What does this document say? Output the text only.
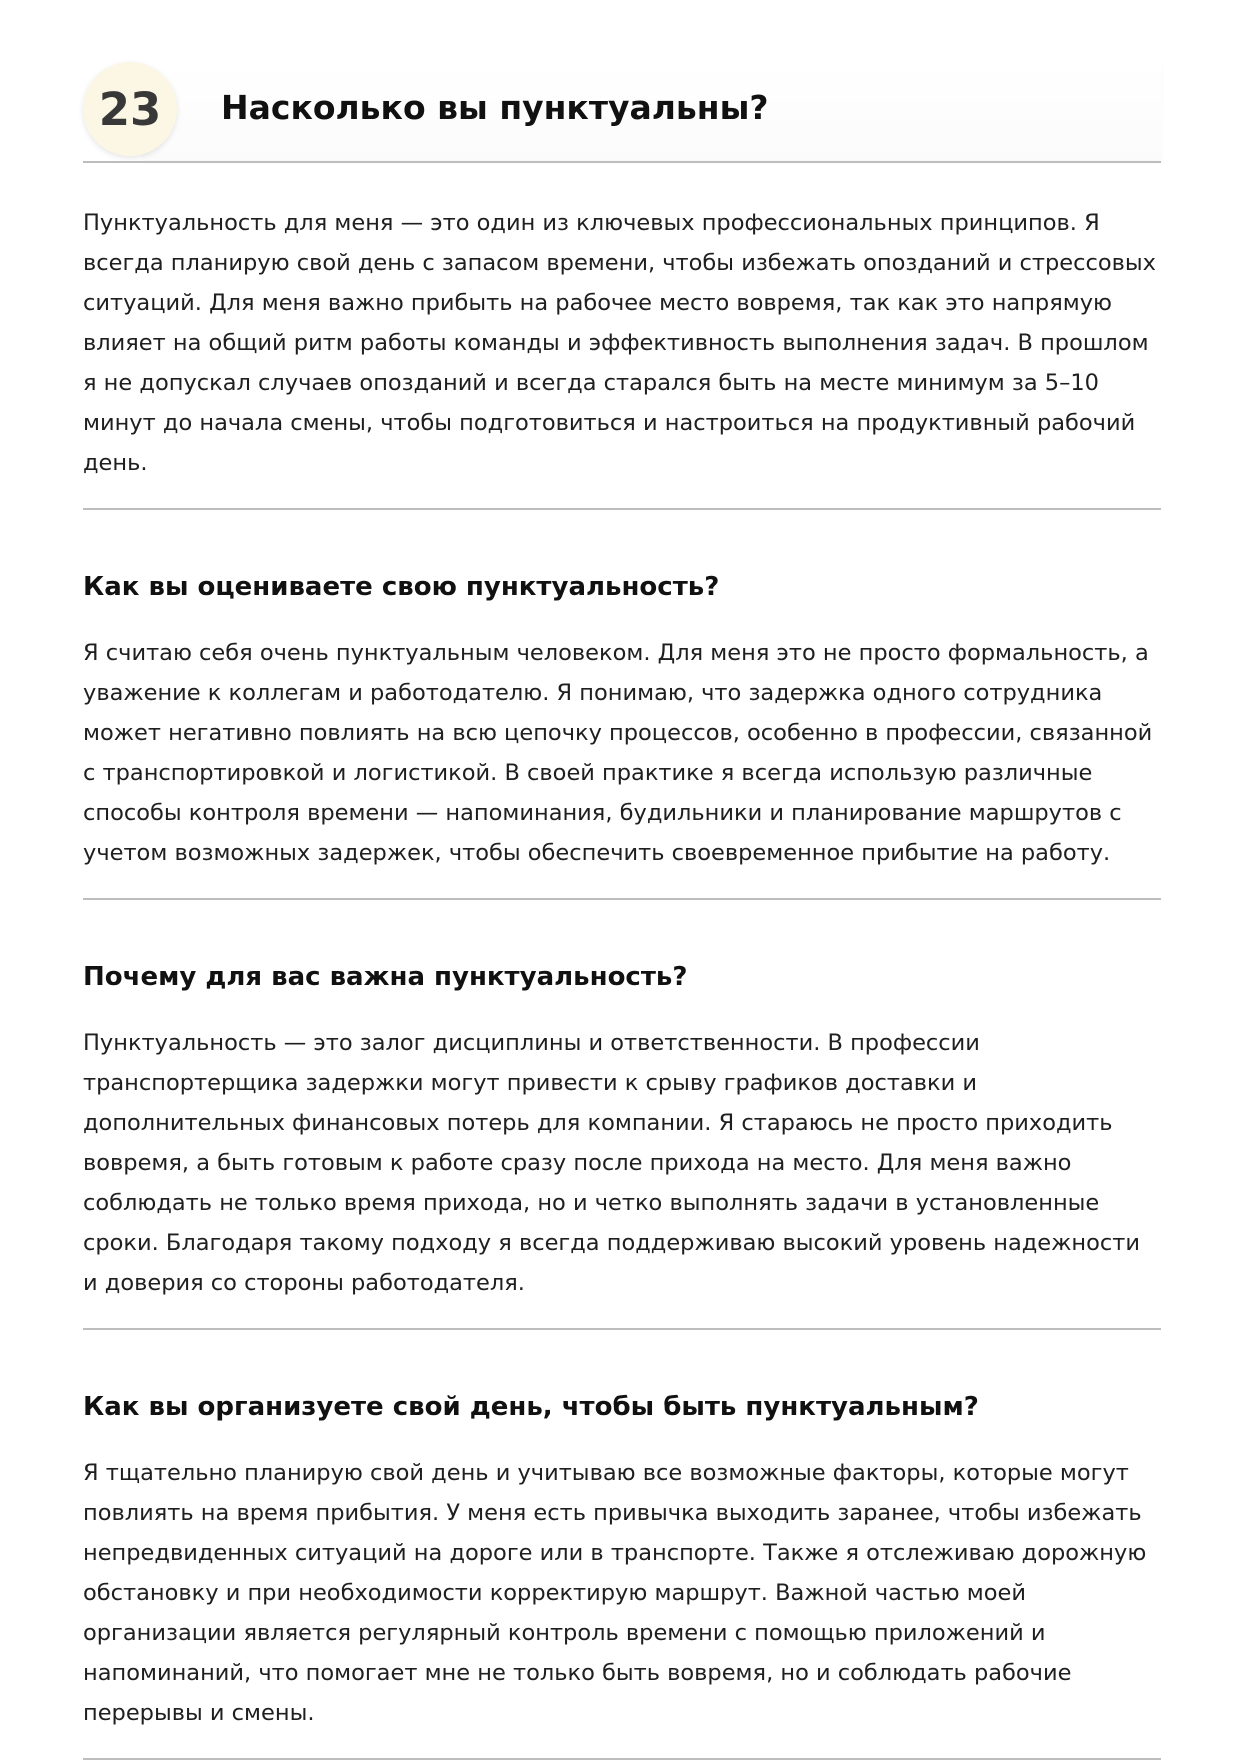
23	Насколько вы пунктуальны?

Пунктуальность для меня — это один из ключевых профессиональных принципов. Я всегда планирую свой день с запасом времени, чтобы избежать опозданий и стрессовых ситуаций. Для меня важно прибыть на рабочее место вовремя, так как это напрямую влияет на общий ритм работы команды и эффективность выполнения задач. В прошлом я не допускал случаев опозданий и всегда старался быть на месте минимум за 5–10 минут до начала смены, чтобы подготовиться и настроиться на продуктивный рабочий день.

Как вы оцениваете свою пунктуальность?

Я считаю себя очень пунктуальным человеком. Для меня это не просто формальность, а уважение к коллегам и работодателю. Я понимаю, что задержка одного сотрудника может негативно повлиять на всю цепочку процессов, особенно в профессии, связанной с транспортировкой и логистикой. В своей практике я всегда использую различные способы контроля времени — напоминания, будильники и планирование маршрутов с учетом возможных задержек, чтобы обеспечить своевременное прибытие на работу.

Почему для вас важна пунктуальность?

Пунктуальность — это залог дисциплины и ответственности. В профессии транспортерщика задержки могут привести к срыву графиков доставки и дополнительных финансовых потерь для компании. Я стараюсь не просто приходить вовремя, а быть готовым к работе сразу после прихода на место. Для меня важно соблюдать не только время прихода, но и четко выполнять задачи в установленные сроки. Благодаря такому подходу я всегда поддерживаю высокий уровень надежности и доверия со стороны работодателя.

Как вы организуете свой день, чтобы быть пунктуальным?

Я тщательно планирую свой день и учитываю все возможные факторы, которые могут повлиять на время прибытия. У меня есть привычка выходить заранее, чтобы избежать непредвиденных ситуаций на дороге или в транспорте. Также я отслеживаю дорожную обстановку и при необходимости корректирую маршрут. Важной частью моей организации является регулярный контроль времени с помощью приложений и напоминаний, что помогает мне не только быть вовремя, но и соблюдать рабочие перерывы и смены.
